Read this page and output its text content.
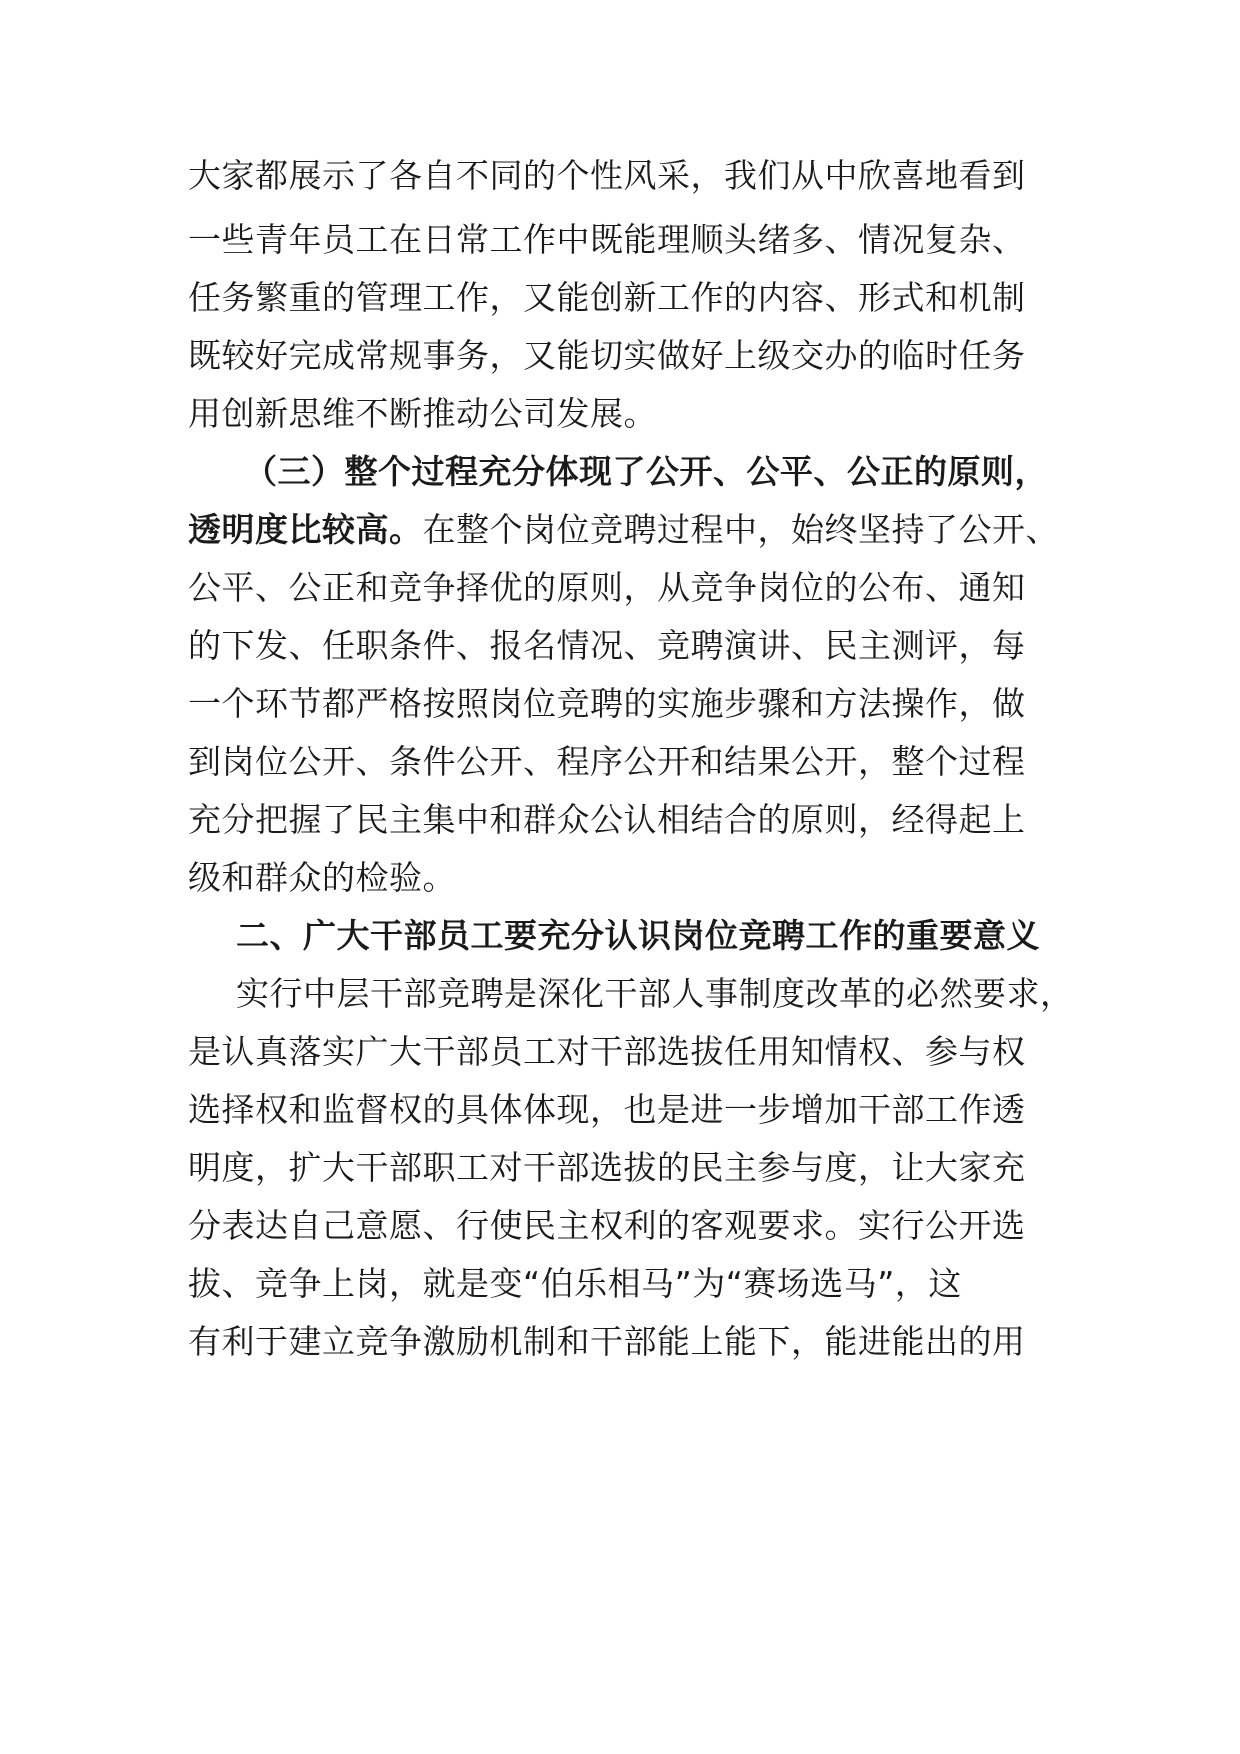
大家都展示了各自不同的个性风采，我们从中欣喜地看到
一些青年员工在日常工作中既能理顺头绪多、情况复杂、
任务繁重的管理工作，又能创新工作的内容、形式和机制
既较好完成常规事务，又能切实做好上级交办的临时任务
用创新思维不断推动公司发展。
（三）整个过程充分体现了公开、公平、公正的原则，
透明度比较高。在整个岗位竞聘过程中，始终坚持了公开、
公平、公正和竞争择优的原则，从竞争岗位的公布、通知
的下发、任职条件、报名情况、竞聘演讲、民主测评，每
一个环节都严格按照岗位竞聘的实施步骤和方法操作，做
到岗位公开、条件公开、程序公开和结果公开，整个过程
充分把握了民主集中和群众公认相结合的原则，经得起上
级和群众的检验。
二、广大干部员工要充分认识岗位竞聘工作的重要意义
实行中层干部竞聘是深化干部人事制度改革的必然要求，
是认真落实广大干部员工对干部选拔任用知情权、参与权
选择权和监督权的具体体现，也是进一步增加干部工作透
明度，扩大干部职工对干部选拔的民主参与度，让大家充
分表达自己意愿、行使民主权利的客观要求。实行公开选
拔、竞争上岗，就是变“伯乐相马”为“赛场选马”，这
有利于建立竞争激励机制和干部能上能下，能进能出的用
